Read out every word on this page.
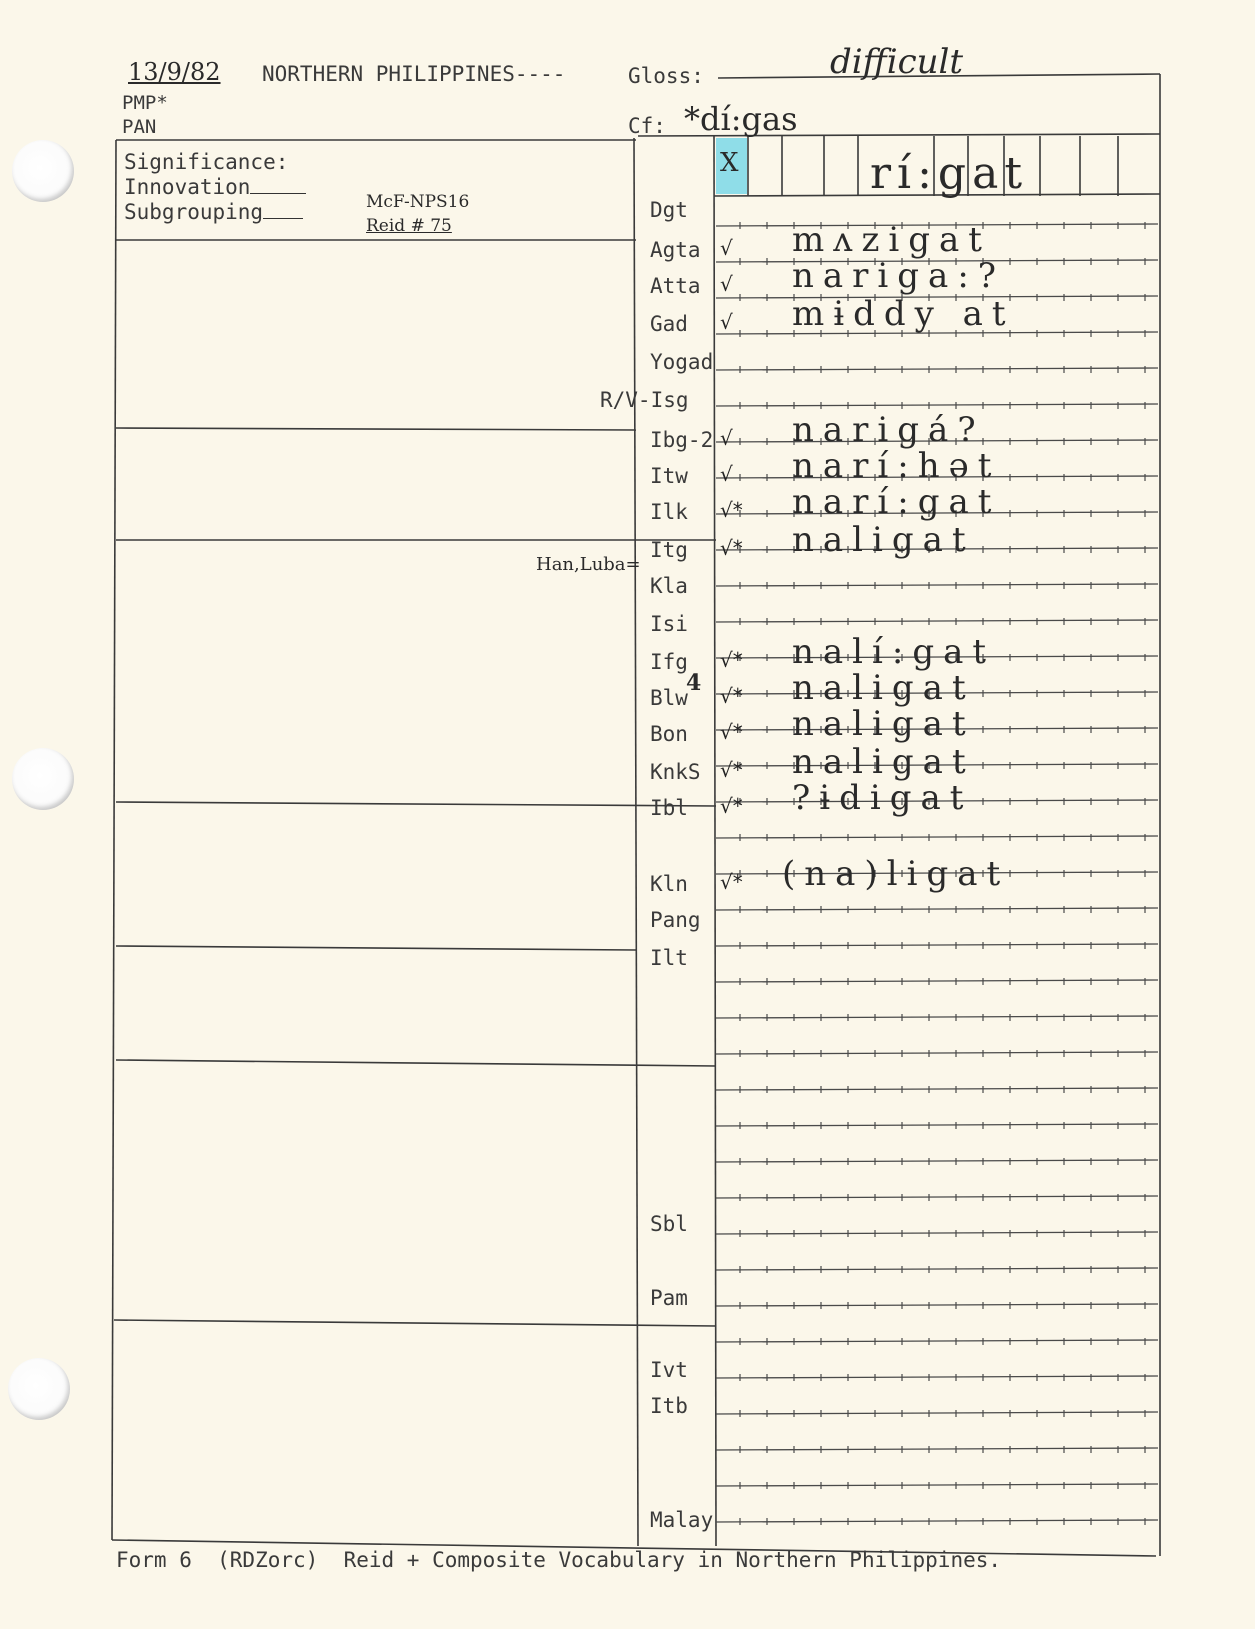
13/9/82 NORTHERN PHILIPPINES----	Gloss:	difficult
PMP*
PAN	Cf: *dí:gas
Significance:
Innovation
Subgrouping	McF-NPS16
Reid # 75
X	rí:gat
Han,Luba=
4
Dgt
Agta √ mʌzigat
Atta √ nariga:?
Gad √ mɨddy at
Yogad
R/V-Isg
Ibg-2 √ narigá?
Itw √ narí:hət
Ilk √* narí:gat
Itg √* naligat
Kla
Isi
Ifg √* nalí:gat
Blw √* naligat
Bon √* naligat
KnkS √* naligat
Ibl √* ?ɨdigat
Kln √* (na)ligat
Pang
Ilt
Sbl
Pam
Ivt
Itb
Malay
Form 6  (RDZorc)  Reid + Composite Vocabulary in Northern Philippines.
